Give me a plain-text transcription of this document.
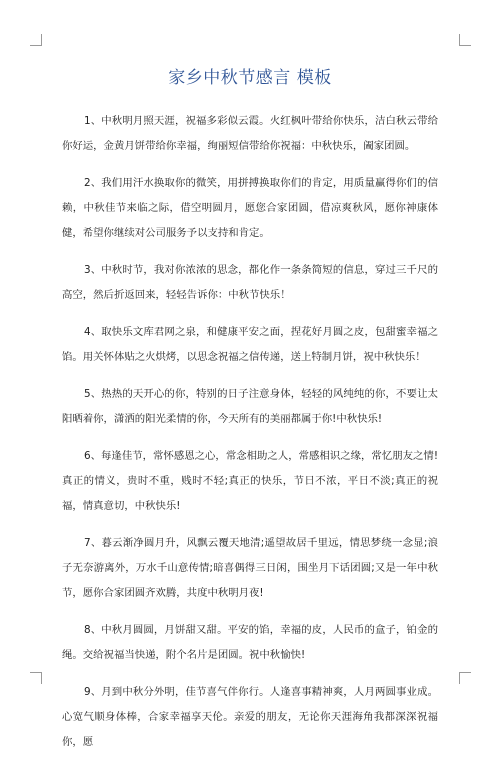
家乡中秋节感言 模板

1、中秋明月照天涯，祝福多彩似云霞。火红枫叶带给你快乐，洁白秋云带给你好运，金黄月饼带给你幸福，绚丽短信带给你祝福：中秋快乐，阖家团圆。

2、我们用汗水换取你的微笑，用拼搏换取你们的肯定，用质量赢得你们的信赖，中秋佳节来临之际，借空明圆月，愿您合家团圆，借凉爽秋风，愿你神康体健，希望你继续对公司服务予以支持和肯定。

3、中秋时节，我对你浓浓的思念，都化作一条条简短的信息，穿过三千尺的高空，然后折返回来，轻轻告诉你：中秋节快乐！

4、取快乐文库君网之泉，和健康平安之面，捏花好月圆之皮，包甜蜜幸福之馅。用关怀体贴之火烘烤，以思念祝福之信传递，送上特制月饼，祝中秋快乐！

5、热热的天开心的你，特别的日子注意身体，轻轻的风纯纯的你，不要让太阳晒着你，潇洒的阳光柔情的你，今天所有的美丽都属于你!中秋快乐!

6、每逢佳节，常怀感恩之心，常念相助之人，常感相识之缘，常忆朋友之情!真正的情义，贵时不重，贱时不轻;真正的快乐，节日不浓，平日不淡;真正的祝福，情真意切，中秋快乐!

7、暮云渐净圆月升，风飘云覆天地清;遥望故居千里远，情思梦绕一念显;浪子无奈游离外，万水千山意传情;暗喜偶得三日闲，围坐月下话团圆;又是一年中秋节，愿你合家团圆齐欢腾，共度中秋明月夜!

8、中秋月圆圆，月饼甜又甜。平安的馅，幸福的皮，人民币的盒子，铂金的绳。交给祝福当快递，附个名片是团圆。祝中秋愉快!

9、月到中秋分外明，佳节喜气伴你行。人逢喜事精神爽，人月两圆事业成。心宽气顺身体棒，合家幸福享天伦。亲爱的朋友，无论你天涯海角我都深深祝福你，愿
